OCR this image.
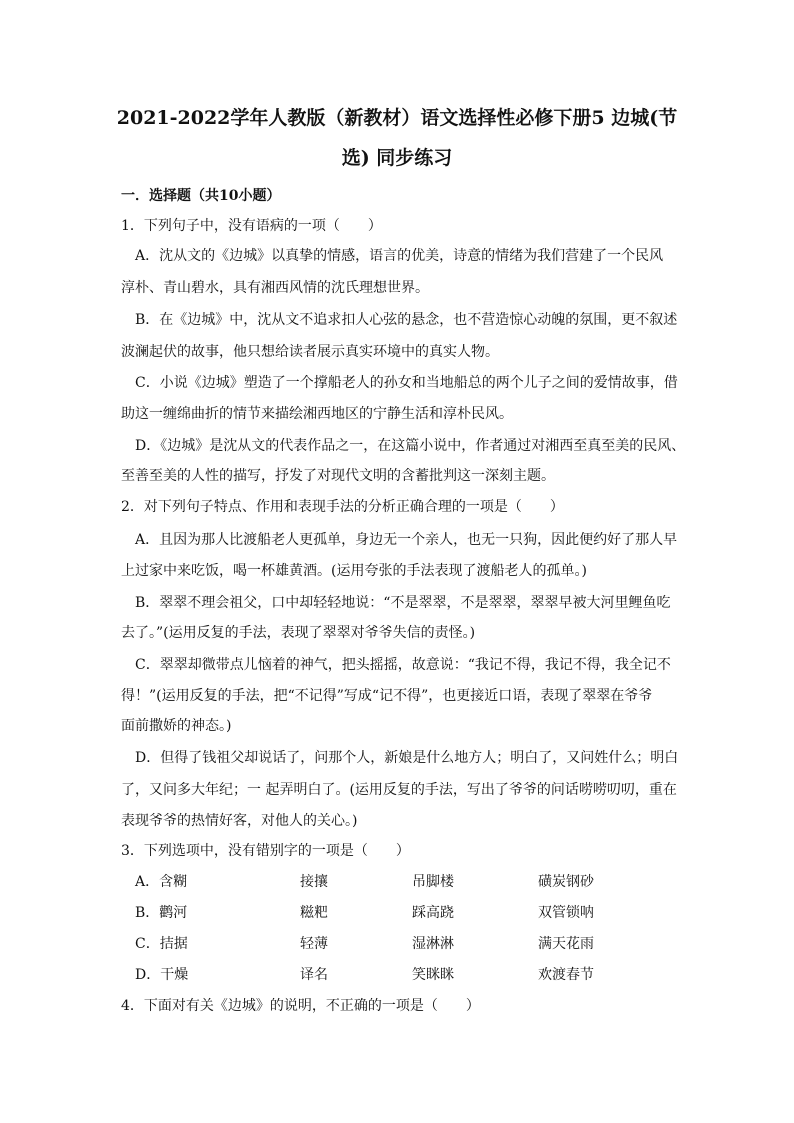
2021-2022学年人教版（新教材）语文选择性必修下册5 边城(节
选) 同步练习
一．选择题（共10小题）
1．下列句子中，没有语病的一项（　　）
A．沈从文的《边城》以真挚的情感，语言的优美，诗意的情绪为我们营建了一个民风
淳朴、青山碧水，具有湘西风情的沈氏理想世界。
B．在《边城》中，沈从文不追求扣人心弦的悬念，也不营造惊心动魄的氛围，更不叙述
波澜起伏的故事，他只想给读者展示真实环境中的真实人物。
C．小说《边城》塑造了一个撑船老人的孙女和当地船总的两个儿子之间的爱情故事，借
助这一缠绵曲折的情节来描绘湘西地区的宁静生活和淳朴民风。
D．《边城》是沈从文的代表作品之一，在这篇小说中，作者通过对湘西至真至美的民风、
至善至美的人性的描写，抒发了对现代文明的含蓄批判这一深刻主题。
2．对下列句子特点、作用和表现手法的分析正确合理的一项是（　　）
A．且因为那人比渡船老人更孤单，身边无一个亲人，也无一只狗，因此便约好了那人早
上过家中来吃饭，喝一杯雄黄酒。(运用夸张的手法表现了渡船老人的孤单。)
B．翠翠不理会祖父，口中却轻轻地说：“不是翠翠，不是翠翠，翠翠早被大河里鲤鱼吃
去了。”(运用反复的手法，表现了翠翠对爷爷失信的责怪。)
C．翠翠却微带点儿恼着的神气，把头摇摇，故意说：“我记不得，我记不得，我全记不
得！”(运用反复的手法，把“不记得”写成“记不得”，也更接近口语，表现了翠翠在爷爷
面前撒娇的神态。)
D．但得了钱祖父却说话了，问那个人，新娘是什么地方人；明白了，又问姓什么；明白
了，又问多大年纪；一 起弄明白了。(运用反复的手法，写出了爷爷的问话唠唠叨叨，重在
表现爷爷的热情好客，对他人的关心。)
3．下列选项中，没有错别字的一项是（　　）
A．含糊	接攘	吊脚楼	磺炭钢砂
B．鹳河	糍粑	踩高跷	双管锁呐
C．拮据	轻薄	湿淋淋	满天花雨
D．干燥	译名	笑眯眯	欢渡春节
4．下面对有关《边城》的说明，不正确的一项是（　　）
